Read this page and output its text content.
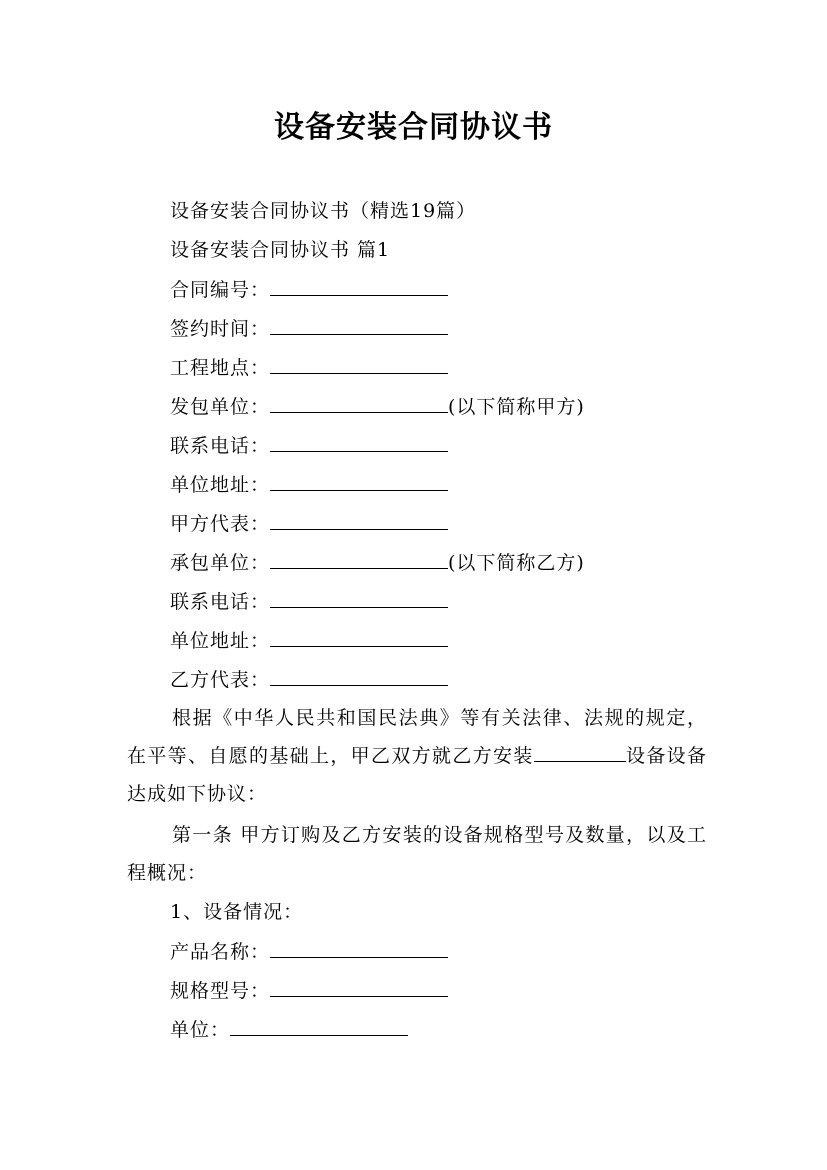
设备安装合同协议书
设备安装合同协议书（精选19篇）
设备安装合同协议书 篇1
合同编号：
签约时间：
工程地点：
发包单位：	(以下简称甲方)
联系电话：
单位地址：
甲方代表：
承包单位：	(以下简称乙方)
联系电话：
单位地址：
乙方代表：
根据《中华人民共和国民法典》等有关法律、法规的规定，在平等、自愿的基础上，甲乙双方就乙方安装	设备设备达成如下协议：
第一条 甲方订购及乙方安装的设备规格型号及数量，以及工程概况：
1、设备情况：
产品名称：
规格型号：
单位：
